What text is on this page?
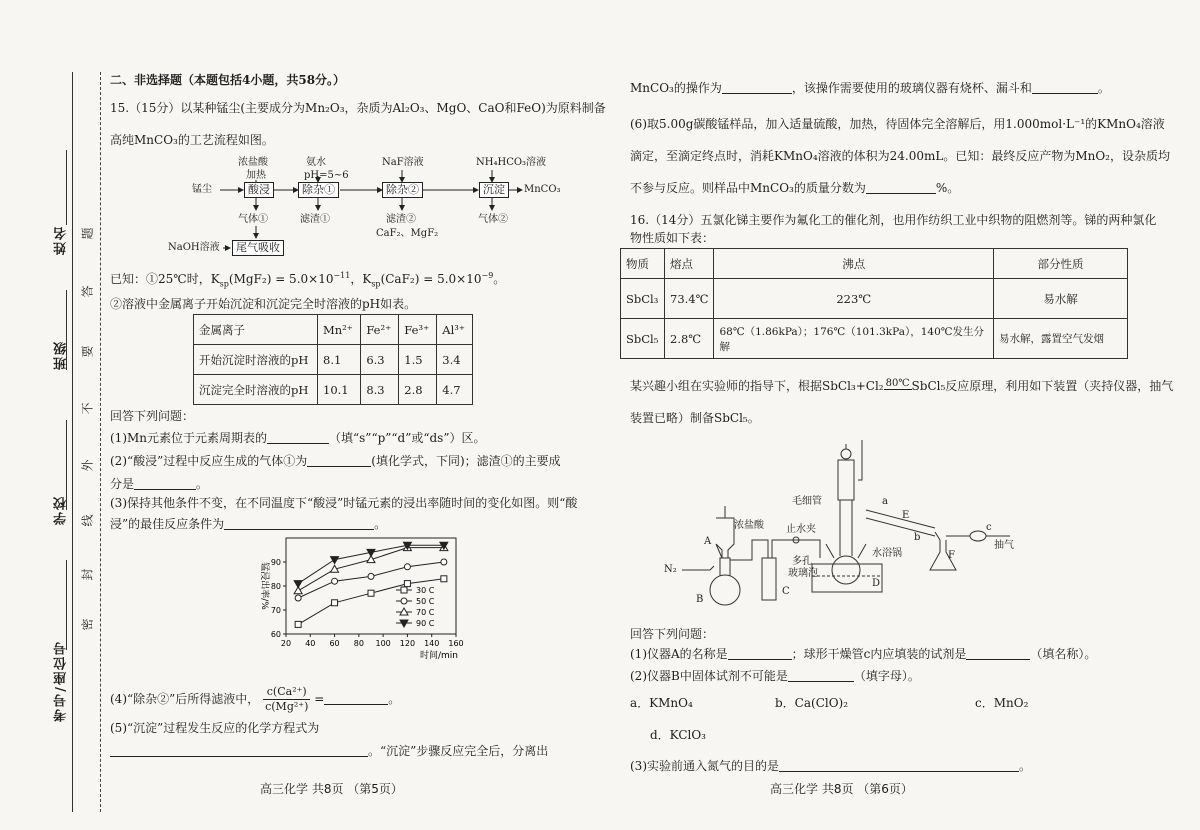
姓名
班级
学校
考号/座位号
题
答
要
不
外
线
封
密
二、非选择题（本题包括4小题，共58分。）
15.（15分）以某种锰尘(主要成分为Mn₂O₃，杂质为Al₂O₃、MgO、CaO和FeO)为原料制备
高纯MnCO₃的工艺流程如图。
浓盐酸
加热
氨水
pH=5~6
NaF溶液	NH₄HCO₃溶液
锰尘	酸浸	除杂①	除杂②	沉淀	MnCO₃
气体①	滤渣①	滤渣②
CaF₂、MgF₂
气体②
NaOH溶液	尾气吸收
已知：①25℃时，$K_{sp}(MgF_2) = 5.0\times 10^{-11}$，$K_{sp}(CaF_2) = 5.0\times 10^{-9}$。
②溶液中金属离子开始沉淀和沉淀完全时溶液的pH如表。
金属离子	Mn²⁺	Fe²⁺	Fe³⁺	Al³⁺
开始沉淀时溶液的pH	8.1	6.3	1.5	3.4
沉淀完全时溶液的pH	10.1	8.3	2.8	4.7
回答下列问题：
(1)Mn元素位于元素周期表的	（填“s”“p”“d”或“ds”）区。
(2)“酸浸”过程中反应生成的气体①为	(填化学式，下同)；滤渣①的主要成
分是	。
(3)保持其他条件不变，在不同温度下“酸浸”时锰元素的浸出率随时间的变化如图。则“酸
浸”的最佳反应条件为	。
20 40 60 80 100 120 140 160
60
70
80
90
时间/min
锰浸出率/%	30 C
50 C
70 C
90 C
(4)“除杂②”后所得滤液中， $\frac{\text{c(Ca²⁺)}}{\text{c(Mg²⁺)}}$ =	。
(5)“沉淀”过程发生反应的化学方程式为
。“沉淀”步骤反应完全后，分离出
高三化学 共8页 （第5页）
MnCO₃的操作为	，该操作需要使用的玻璃仪器有烧杯、漏斗和	。
(6)取5.00g碳酸锰样品，加入适量硫酸，加热，待固体完全溶解后，用1.000mol·L⁻¹的KMnO₄溶液
滴定，至滴定终点时，消耗KMnO₄溶液的体积为24.00mL。已知：最终反应产物为MnO₂，设杂质均
不参与反应。则样品中MnCO₃的质量分数为	%。
16.（14分）五氯化锑主要作为氟化工的催化剂，也用作纺织工业中织物的阻燃剂等。锑的两种氯化
物性质如下表：
物质	熔点	沸点	部分性质
SbCl₃	73.4℃	223℃	易水解
SbCl₅	2.8℃	68℃（1.86kPa）；176℃（101.3kPa），140℃发生分解	易水解，露置空气发烟
某兴趣小组在实验师的指导下，根据SbCl₃+Cl₂ 80℃ SbCl₅反应原理，利用如下装置（夹持仪器，抽气
装置已略）制备SbCl₅。
N₂
浓盐酸
A
B
C
止水夹
毛细管
多孔
玻璃泡
水浴锅
D
E
F
a
b
c
抽气
回答下列问题：
(1)仪器A的名称是	；球形干燥管c内应填装的试剂是	（填名称）。
(2)仪器B中固体试剂不可能是	（填字母）。
a．KMnO₄	b．Ca(ClO)₂	c．MnO₂
d．KClO₃
(3)实验前通入氮气的目的是	。
高三化学 共8页 （第6页）
